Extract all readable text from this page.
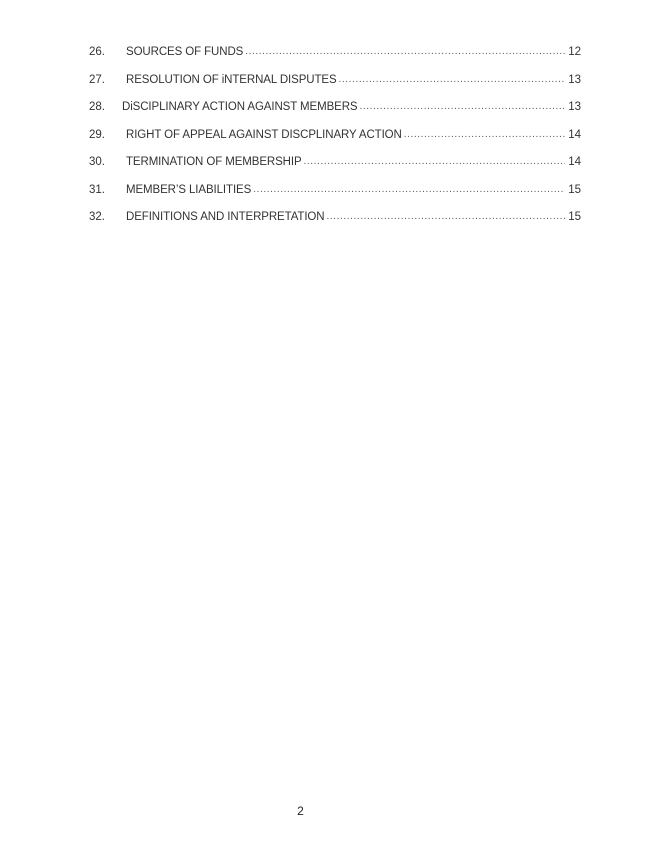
26.	SOURCES OF FUNDS .....	12
27.	RESOLUTION OF iNTERNAL DISPUTES .....	13
28.	DiSCIPLINARY ACTION AGAINST MEMBERS .....	13
29.	RIGHT OF APPEAL AGAINST DISCPLINARY ACTION .....	14
30.	TERMINATION OF MEMBERSHIP .....	14
31.	MEMBER’S LIABILITIES .....	15
32.	DEFINITIONS AND INTERPRETATION .....	15
2
